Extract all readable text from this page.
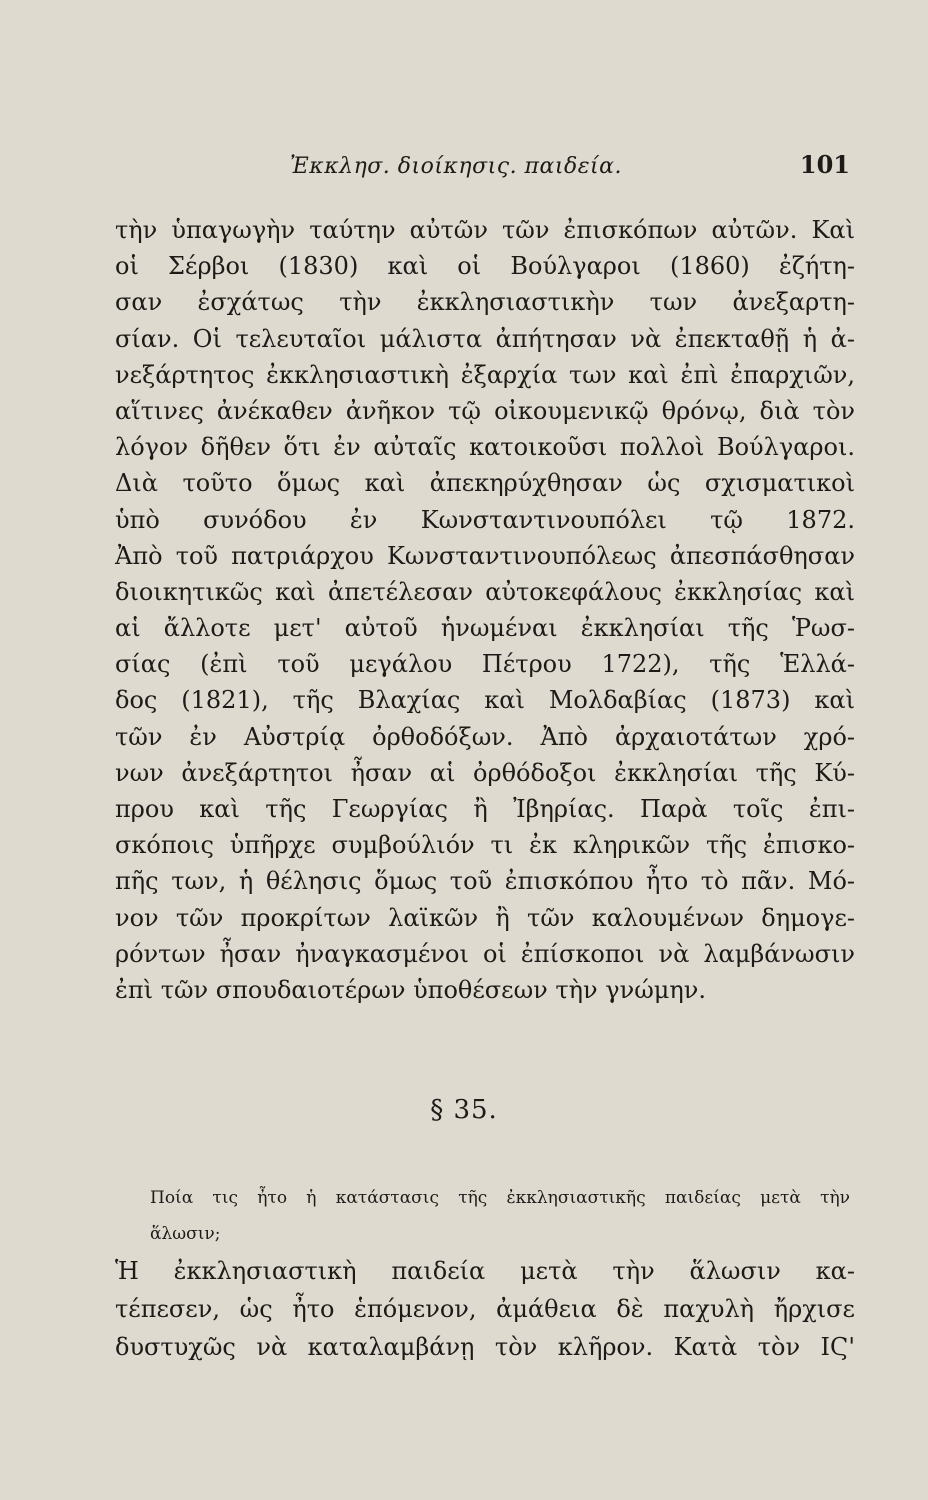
Ἐκκλησ. διοίκησις. παιδεία.	101
τὴν ὑπαγωγὴν ταύτην αὐτῶν τῶν ἐπισκόπων αὐτῶν. Καὶ
οἱ Σέρβοι (1830) καὶ οἱ Βούλγαροι (1860) ἐζήτη-
σαν ἐσχάτως τὴν ἐκκλησιαστικὴν των ἀνεξαρτη-
σίαν. Οἱ τελευταῖοι μάλιστα ἀπήτησαν νὰ ἐπεκταθῇ ἡ ἀ-
νεξάρτητος ἐκκλησιαστικὴ ἐξαρχία των καὶ ἐπὶ ἐπαρχιῶν,
αἵτινες ἀνέκαθεν ἀνῆκον τῷ οἰκουμενικῷ θρόνῳ, διὰ τὸν
λόγον δῆθεν ὅτι ἐν αὐταῖς κατοικοῦσι πολλοὶ Βούλγαροι.
Διὰ τοῦτο ὅμως καὶ ἀπεκηρύχθησαν ὡς σχισματικοὶ
ὑπὸ συνόδου ἐν Κωνσταντινουπόλει τῷ 1872.
Ἀπὸ τοῦ πατριάρχου Κωνσταντινουπόλεως ἀπεσπάσθησαν
διοικητικῶς καὶ ἀπετέλεσαν αὐτοκεφάλους ἐκκλησίας καὶ
αἱ ἄλλοτε μετ' αὐτοῦ ἡνωμέναι ἐκκλησίαι τῆς Ῥωσ-
σίας (ἐπὶ τοῦ μεγάλου Πέτρου 1722), τῆς Ἑλλά-
δος (1821), τῆς Βλαχίας καὶ Μολδαβίας (1873) καὶ
τῶν ἐν Αὐστρίᾳ ὀρθοδόξων. Ἀπὸ ἀρχαιοτάτων χρό-
νων ἀνεξάρτητοι ἦσαν αἱ ὀρθόδοξοι ἐκκλησίαι τῆς Κύ-
πρου καὶ τῆς Γεωργίας ἢ Ἰβηρίας. Παρὰ τοῖς ἐπι-
σκόποις ὑπῆρχε συμβούλιόν τι ἐκ κληρικῶν τῆς ἐπισκο-
πῆς των, ἡ θέλησις ὅμως τοῦ ἐπισκόπου ἦτο τὸ πᾶν. Μό-
νον τῶν προκρίτων λαϊκῶν ἢ τῶν καλουμένων δημογε-
ρόντων ἦσαν ἠναγκασμένοι οἱ ἐπίσκοποι νὰ λαμβάνωσιν
ἐπὶ τῶν σπουδαιοτέρων ὑποθέσεων τὴν γνώμην.
§ 35.
Ποία τις ἦτο ἡ κατάστασις τῆς ἐκκλησιαστικῆς παιδείας μετὰ τὴν
ἅλωσιν;
Ἡ ἐκκλησιαστικὴ παιδεία μετὰ τὴν ἅλωσιν κα-
τέπεσεν, ὡς ἦτο ἑπόμενον, ἀμάθεια δὲ παχυλὴ ἤρχισε
δυστυχῶς νὰ καταλαμβάνῃ τὸν κλῆρον. Κατὰ τὸν ΙϚ'
